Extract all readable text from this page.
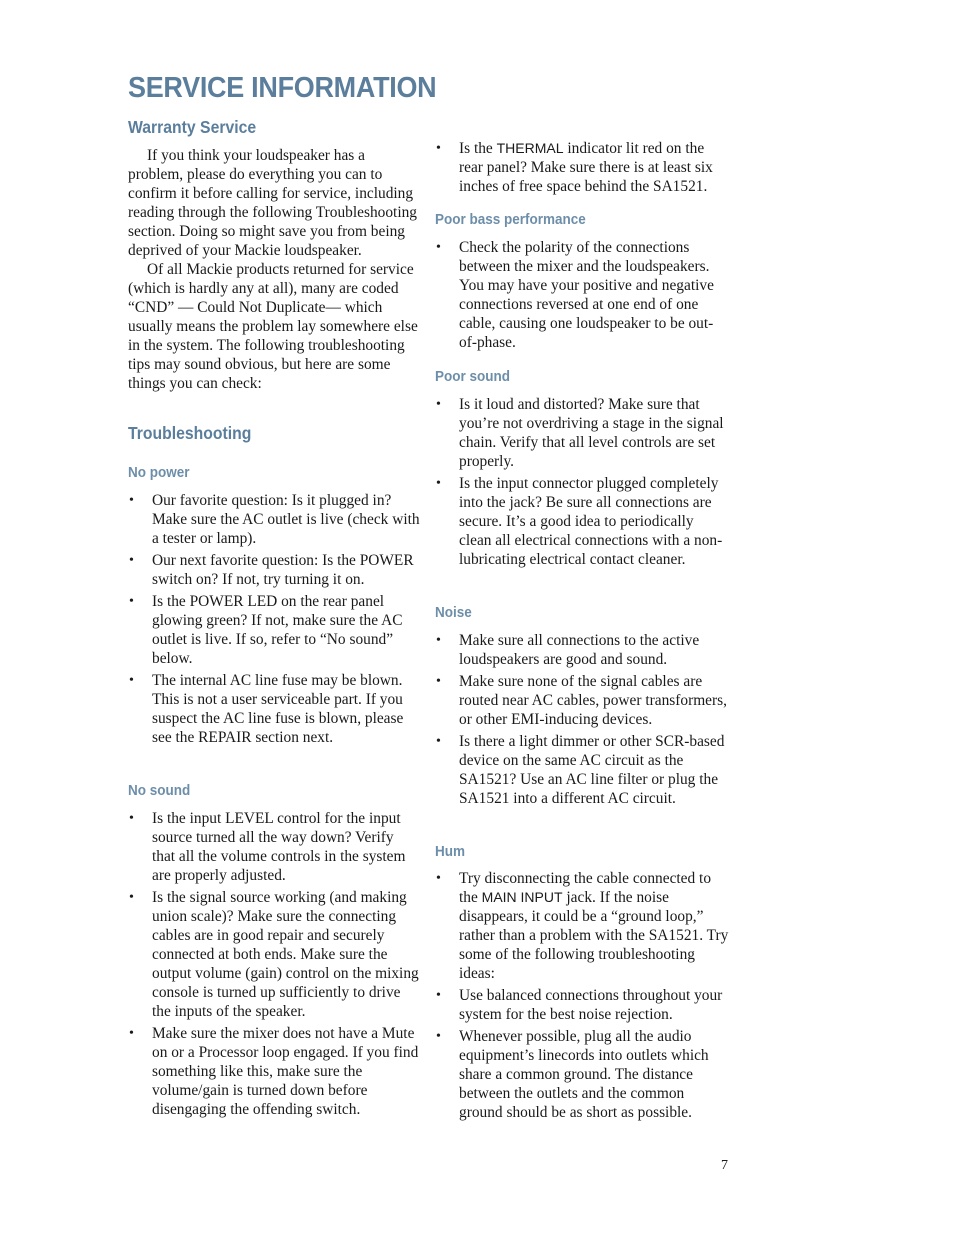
SERVICE INFORMATION
Warranty Service

If you think your loudspeaker has a problem, please do everything you can to confirm it before calling for service, including reading through the following Troubleshooting section. Doing so might save you from being deprived of your Mackie loudspeaker.

Of all Mackie products returned for service (which is hardly any at all), many are coded “CND” — Could Not Duplicate— which usually means the problem lay somewhere else in the system. The following troubleshooting tips may sound obvious, but here are some things you can check:

Troubleshooting
No power
• Our favorite question: Is it plugged in? Make sure the AC outlet is live (check with a tester or lamp).
• Our next favorite question: Is the POWER switch on? If not, try turning it on.
• Is the POWER LED on the rear panel glowing green? If not, make sure the AC outlet is live. If so, refer to “No sound” below.
• The internal AC line fuse may be blown. This is not a user serviceable part. If you suspect the AC line fuse is blown, please see the REPAIR section next.
No sound
• Is the input LEVEL control for the input source turned all the way down? Verify that all the volume controls in the system are properly adjusted.
• Is the signal source working (and making union scale)? Make sure the connecting cables are in good repair and securely connected at both ends. Make sure the output volume (gain) control on the mixing console is turned up sufficiently to drive the inputs of the speaker.
• Make sure the mixer does not have a Mute on or a Processor loop engaged. If you find something like this, make sure the volume/gain is turned down before disengaging the offending switch.
• Is the THERMAL indicator lit red on the rear panel? Make sure there is at least six inches of free space behind the SA1521.
Poor bass performance
• Check the polarity of the connections between the mixer and the loudspeakers. You may have your positive and negative connections reversed at one end of one cable, causing one loudspeaker to be out-of-phase.
Poor sound
• Is it loud and distorted? Make sure that you’re not overdriving a stage in the signal chain. Verify that all level controls are set properly.
• Is the input connector plugged completely into the jack? Be sure all connections are secure. It’s a good idea to periodically clean all electrical connections with a non-lubricating electrical contact cleaner.
Noise
• Make sure all connections to the active loudspeakers are good and sound.
• Make sure none of the signal cables are routed near AC cables, power transformers, or other EMI-inducing devices.
• Is there a light dimmer or other SCR-based device on the same AC circuit as the SA1521? Use an AC line filter or plug the SA1521 into a different AC circuit.
Hum
• Try disconnecting the cable connected to the MAIN INPUT jack. If the noise disappears, it could be a “ground loop,” rather than a problem with the SA1521. Try some of the following troubleshooting ideas:
• Use balanced connections throughout your system for the best noise rejection.
• Whenever possible, plug all the audio equipment’s linecords into outlets which share a common ground. The distance between the outlets and the common ground should be as short as possible.
7
